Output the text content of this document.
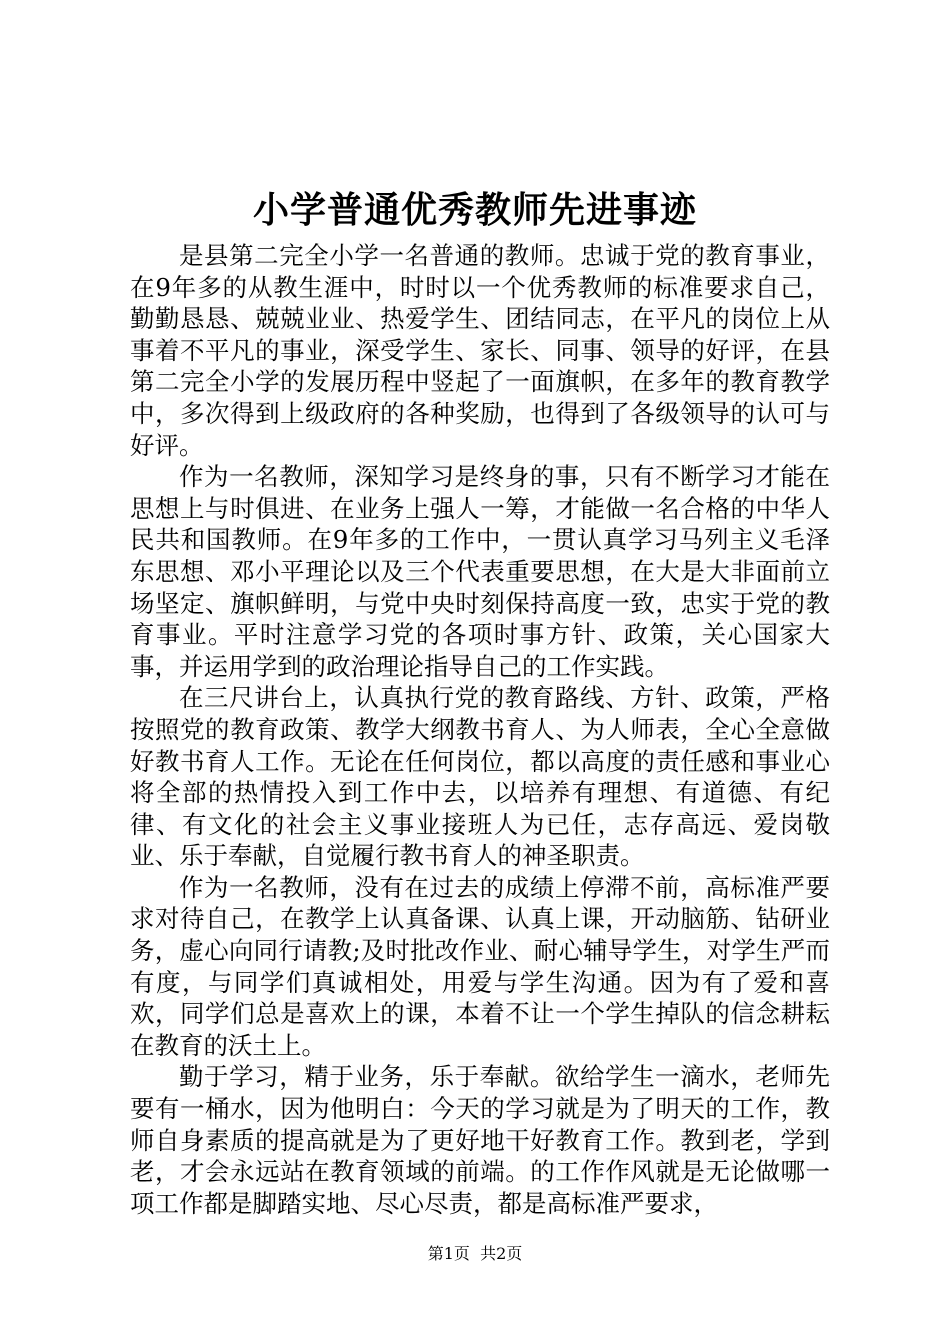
小学普通优秀教师先进事迹

是县第二完全小学一名普通的教师。忠诚于党的教育事业，在9年多的从教生涯中，时时以一个优秀教师的标准要求自己，勤勤恳恳、兢兢业业、热爱学生、团结同志，在平凡的岗位上从事着不平凡的事业，深受学生、家长、同事、领导的好评，在县第二完全小学的发展历程中竖起了一面旗帜，在多年的教育教学中，多次得到上级政府的各种奖励，也得到了各级领导的认可与好评。

作为一名教师，深知学习是终身的事，只有不断学习才能在思想上与时俱进、在业务上强人一筹，才能做一名合格的中华人民共和国教师。在9年多的工作中，一贯认真学习马列主义毛泽东思想、邓小平理论以及三个代表重要思想，在大是大非面前立场坚定、旗帜鲜明，与党中央时刻保持高度一致，忠实于党的教育事业。平时注意学习党的各项时事方针、政策，关心国家大事，并运用学到的政治理论指导自己的工作实践。

在三尺讲台上，认真执行党的教育路线、方针、政策，严格按照党的教育政策、教学大纲教书育人、为人师表，全心全意做好教书育人工作。无论在任何岗位，都以高度的责任感和事业心将全部的热情投入到工作中去，以培养有理想、有道德、有纪律、有文化的社会主义事业接班人为已任，志存高远、爱岗敬业、乐于奉献，自觉履行教书育人的神圣职责。

作为一名教师，没有在过去的成绩上停滞不前，高标准严要求对待自己，在教学上认真备课、认真上课，开动脑筋、钻研业务，虚心向同行请教;及时批改作业、耐心辅导学生，对学生严而有度，与同学们真诚相处，用爱与学生沟通。因为有了爱和喜欢，同学们总是喜欢上的课，本着不让一个学生掉队的信念耕耘在教育的沃土上。

勤于学习，精于业务，乐于奉献。欲给学生一滴水，老师先要有一桶水，因为他明白：今天的学习就是为了明天的工作，教师自身素质的提高就是为了更好地干好教育工作。教到老，学到老，才会永远站在教育领域的前端。的工作作风就是无论做哪一项工作都是脚踏实地、尽心尽责，都是高标准严要求，

第1页  共2页
